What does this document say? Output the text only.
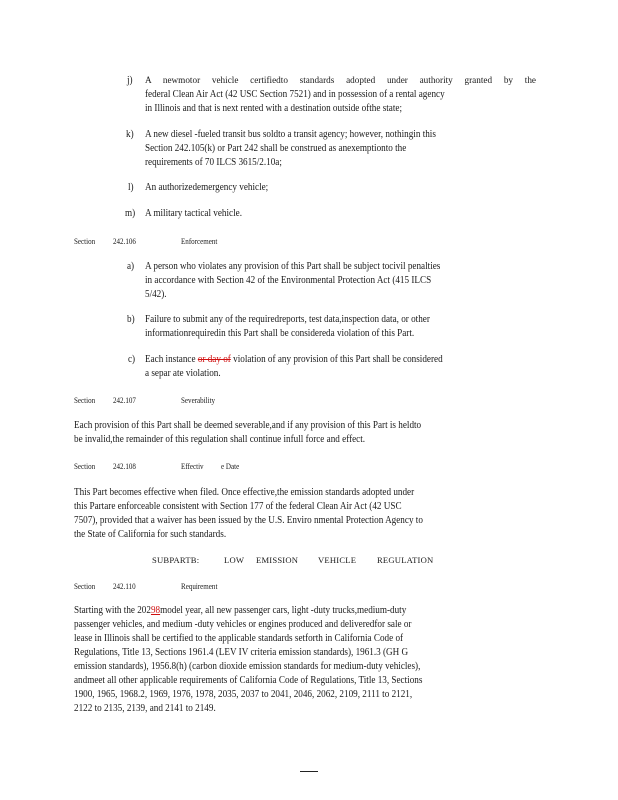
j) A newmotor vehicle certifiedto standards adopted under authority granted by the
federal Clean Air Act (42 USC Section 7521) and in possession of a rental agency
in Illinois and that is next rented with a destination outside ofthe state;
k) A new diesel -fueled transit bus soldto a transit agency; however, nothingin this
Section 242.105(k) or Part 242 shall be construed as anexemptionto the
requirements of 70 ILCS 3615/2.10a;
l) An authorizedemergency vehicle;
m) A military tactical vehicle.
Section 242.106	Enforcement
a) A person who violates any provision of this Part shall be subject tocivil penalties
in accordance with Section 42 of the Environmental Protection Act (415 ILCS
5/42).
b) Failure to submit any of the requiredreports, test data,inspection data, or other
informationrequiredin this Part shall be considereda violation of this Part.
c) Each instance or day of violation of any provision of this Part shall be considered
a separ ate violation.
Section 242.107	Severability
Each provision of this Part shall be deemed severable,and if any provision of this Part is heldto
be invalid,the remainder of this regulation shall continue infull force and effect.
Section 242.108	Effectiv e Date
This Part becomes effective when filed. Once effective,the emission standards adopted under
this Partare enforceable consistent with Section 177 of the federal Clean Air Act (42 USC
7507), provided that a waiver has been issued by the U.S. Enviro nmental Protection Agency to
the State of California for such standards.
SUBPARTB:	LOW EMISSION VEHICLE REGULATION
Section 242.110	Requirement
Starting with the 20298model year, all new passenger cars, light -duty trucks,medium-duty
passenger vehicles, and medium -duty vehicles or engines produced and deliveredfor sale or
lease in Illinois shall be certified to the applicable standards setforth in California Code of
Regulations, Title 13, Sections 1961.4 (LEV IV criteria emission standards), 1961.3 (GH G
emission standards), 1956.8(h) (carbon dioxide emission standards for medium-duty vehicles),
andmeet all other applicable requirements of California Code of Regulations, Title 13, Sections
1900, 1965, 1968.2, 1969, 1976, 1978, 2035, 2037 to 2041, 2046, 2062, 2109, 2111 to 2121,
2122 to 2135, 2139, and 2141 to 2149.
